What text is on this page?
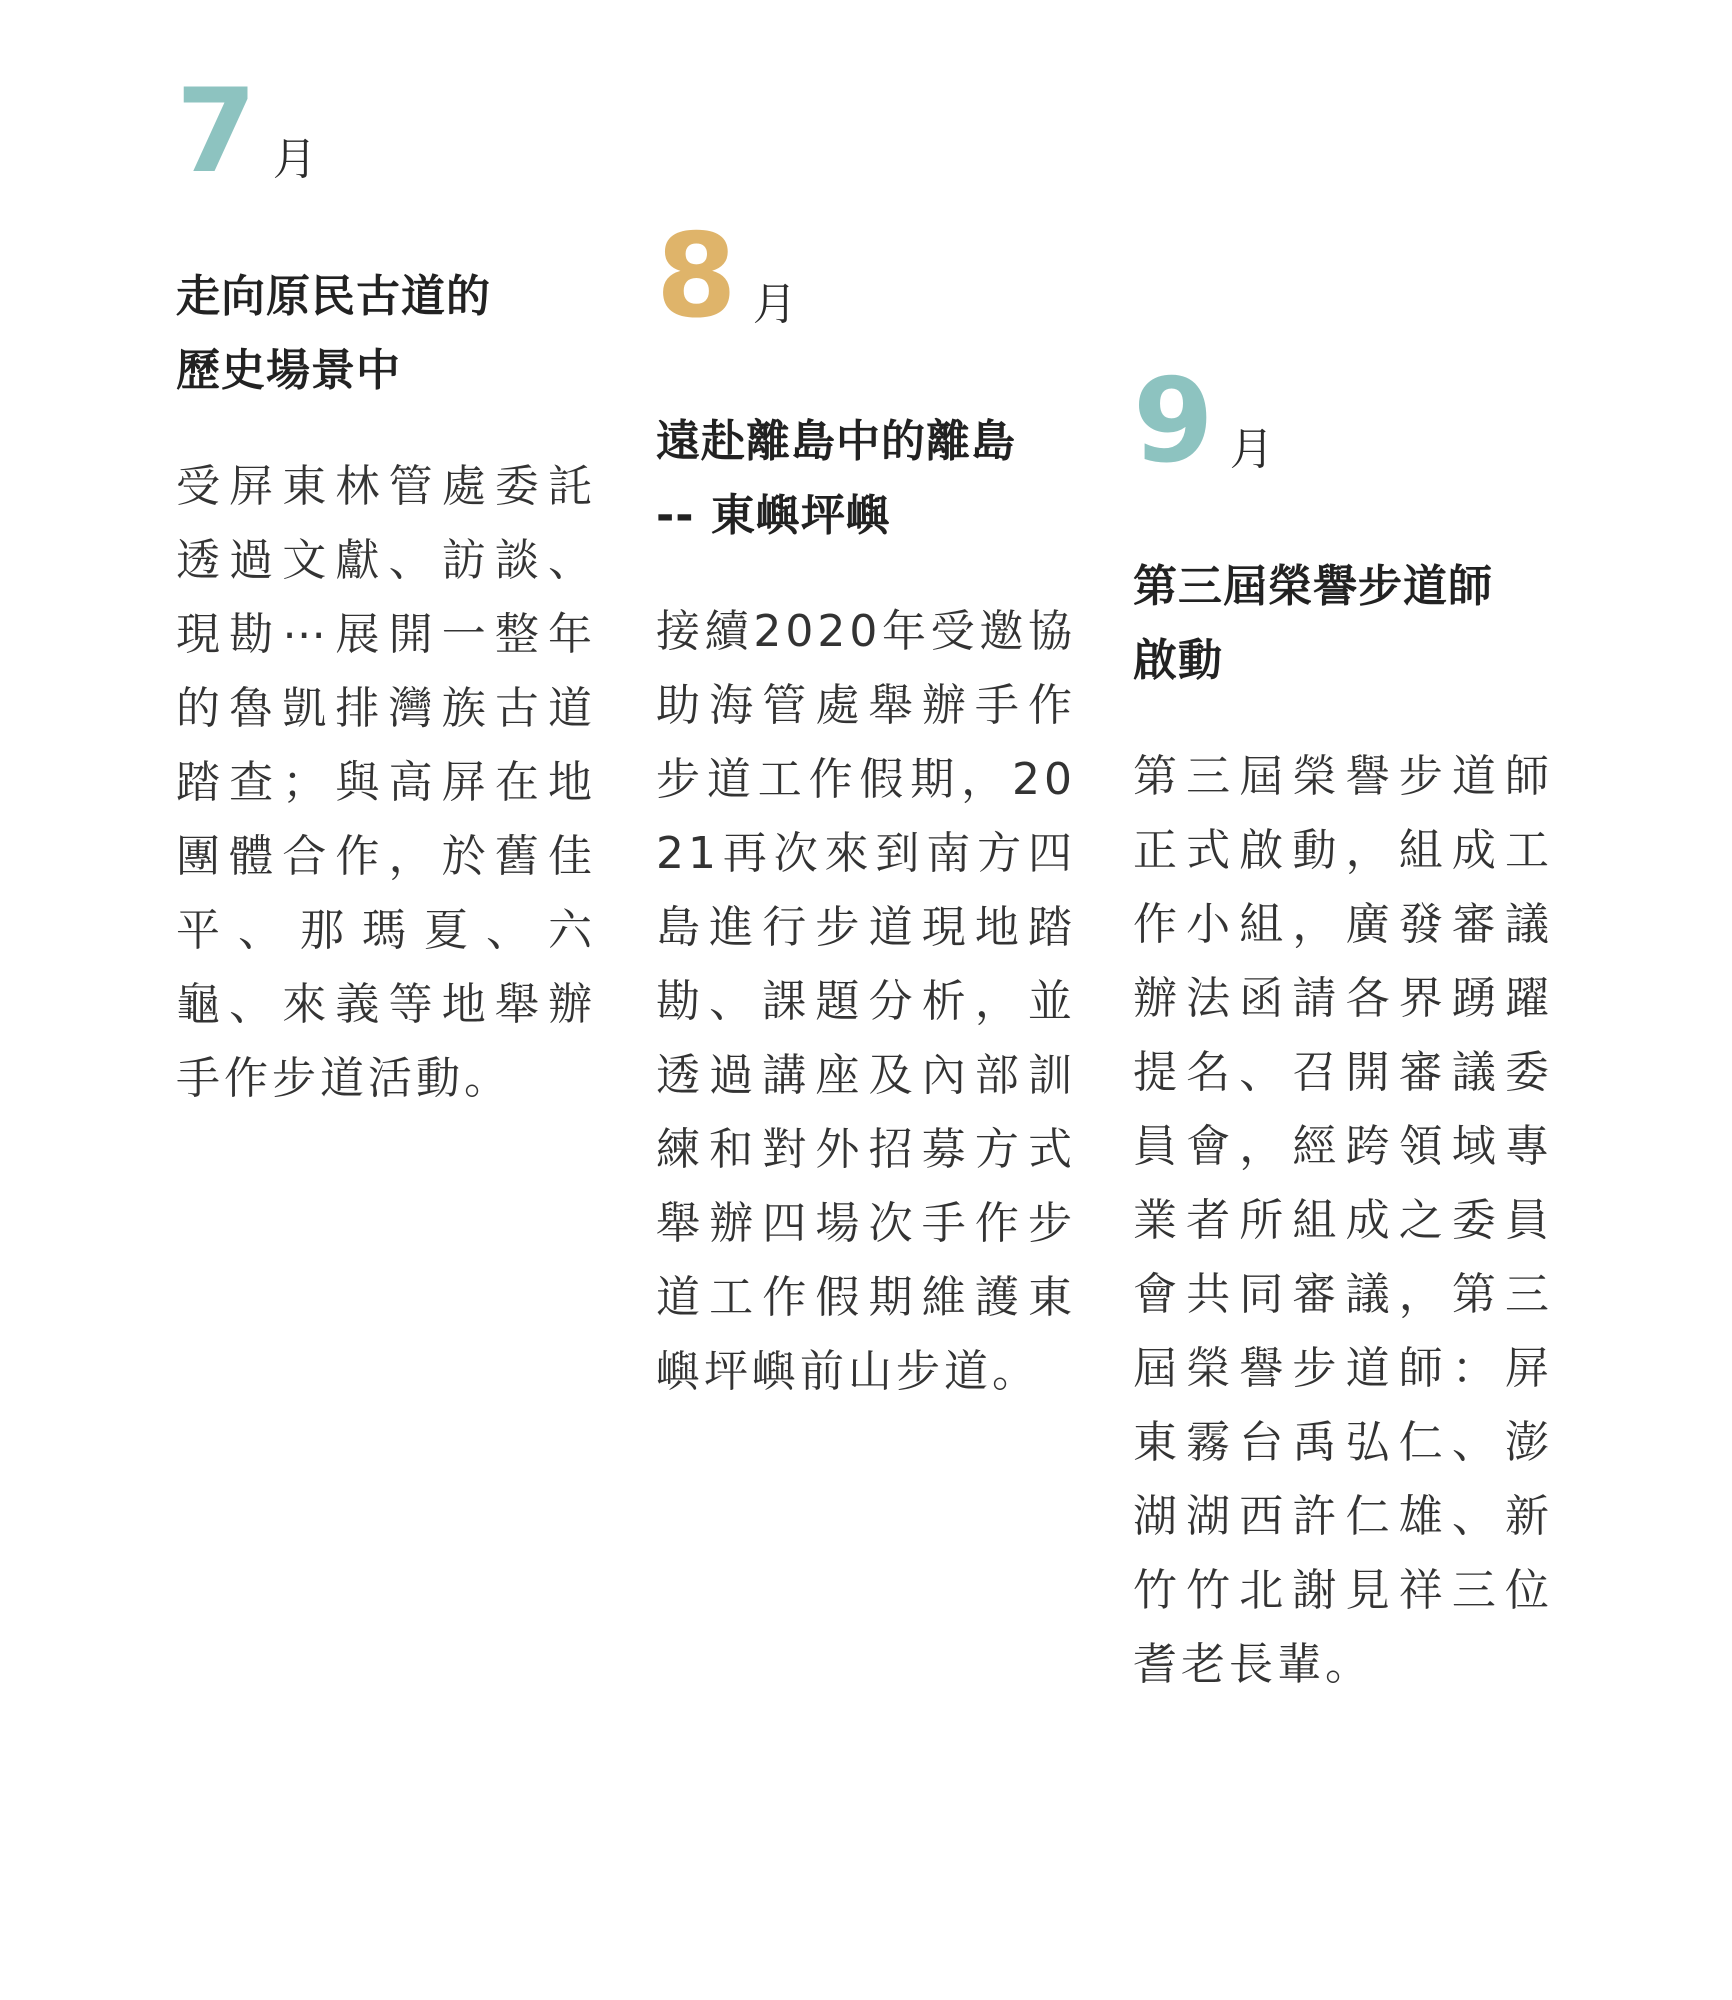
7 月
走向原民古道的
歷史場景中

受屏東林管處委託透過文獻、訪談、現勘⋯展開一整年的魯凱排灣族古道踏查；與高屏在地團體合作，於舊佳平、那瑪夏、六龜、來義等地舉辦手作步道活動。

8 月
遠赴離島中的離島
-- 東嶼坪嶼

接續2020年受邀協助海管處舉辦手作步道工作假期，2021再次來到南方四島進行步道現地踏勘、課題分析，並透過講座及內部訓練和對外招募方式舉辦四場次手作步道工作假期維護東嶼坪嶼前山步道。

9 月
第三屆榮譽步道師
啟動

第三屆榮譽步道師正式啟動，組成工作小組，廣發審議辦法函請各界踴躍提名、召開審議委員會，經跨領域專業者所組成之委員會共同審議，第三屆榮譽步道師：屏東霧台禹弘仁、澎湖湖西許仁雄、新竹竹北謝見祥三位耆老長輩。
